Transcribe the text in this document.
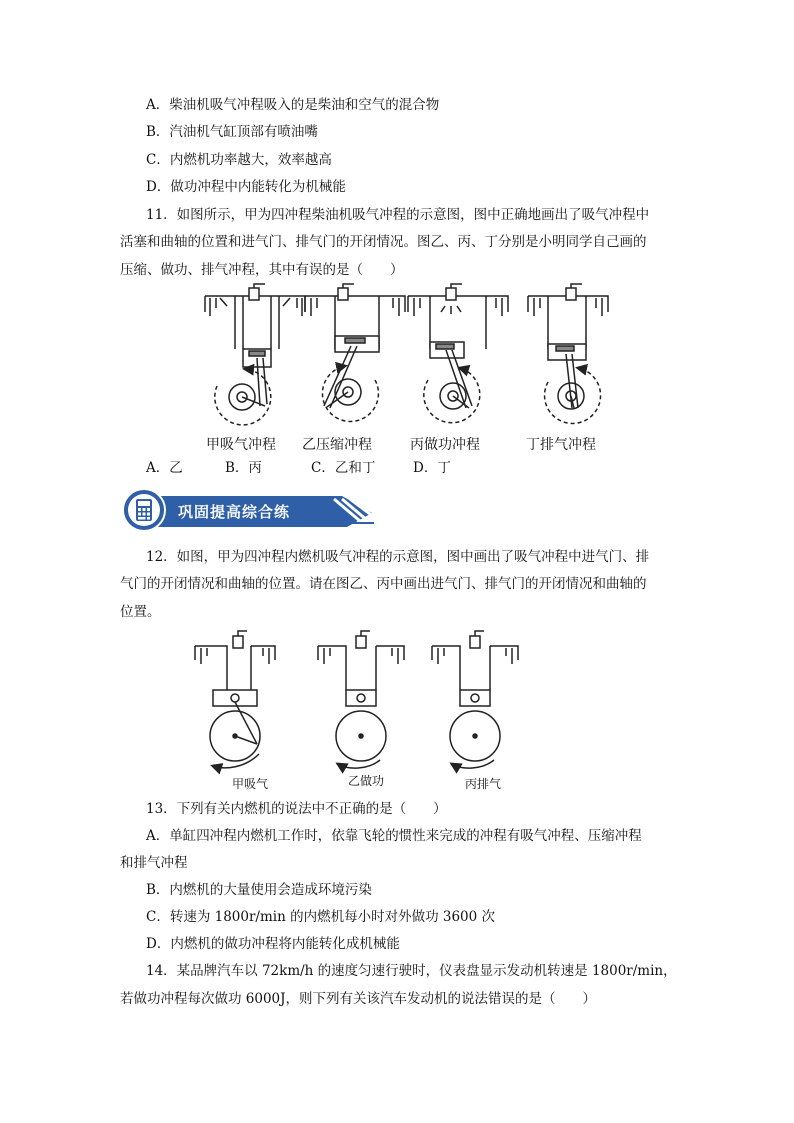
A．柴油机吸气冲程吸入的是柴油和空气的混合物
B．汽油机气缸顶部有喷油嘴
C．内燃机功率越大，效率越高
D．做功冲程中内能转化为机械能
11．如图所示，甲为四冲程柴油机吸气冲程的示意图，图中正确地画出了吸气冲程中
活塞和曲轴的位置和进气门、排气门的开闭情况。图乙、丙、丁分别是小明同学自己画的
压缩、做功、排气冲程，其中有误的是（　　）
甲吸气冲程 乙压缩冲程	丙做功冲程	丁排气冲程
A．乙	B．丙	C．乙和丁	D．丁
巩固提高综合练
12．如图，甲为四冲程内燃机吸气冲程的示意图，图中画出了吸气冲程中进气门、排
气门的开闭情况和曲轴的位置。请在图乙、丙中画出进气门、排气门的开闭情况和曲轴的
位置。
甲吸气	乙做功	丙排气
13．下列有关内燃机的说法中不正确的是（　　）
A．单缸四冲程内燃机工作时，依靠飞轮的惯性来完成的冲程有吸气冲程、压缩冲程
和排气冲程
B．内燃机的大量使用会造成环境污染
C．转速为 1800r/min 的内燃机每小时对外做功 3600 次
D．内燃机的做功冲程将内能转化成机械能
14．某品牌汽车以 72km/h 的速度匀速行驶时，仪表盘显示发动机转速是 1800r/min，
若做功冲程每次做功 6000J，则下列有关该汽车发动机的说法错误的是（　　）
